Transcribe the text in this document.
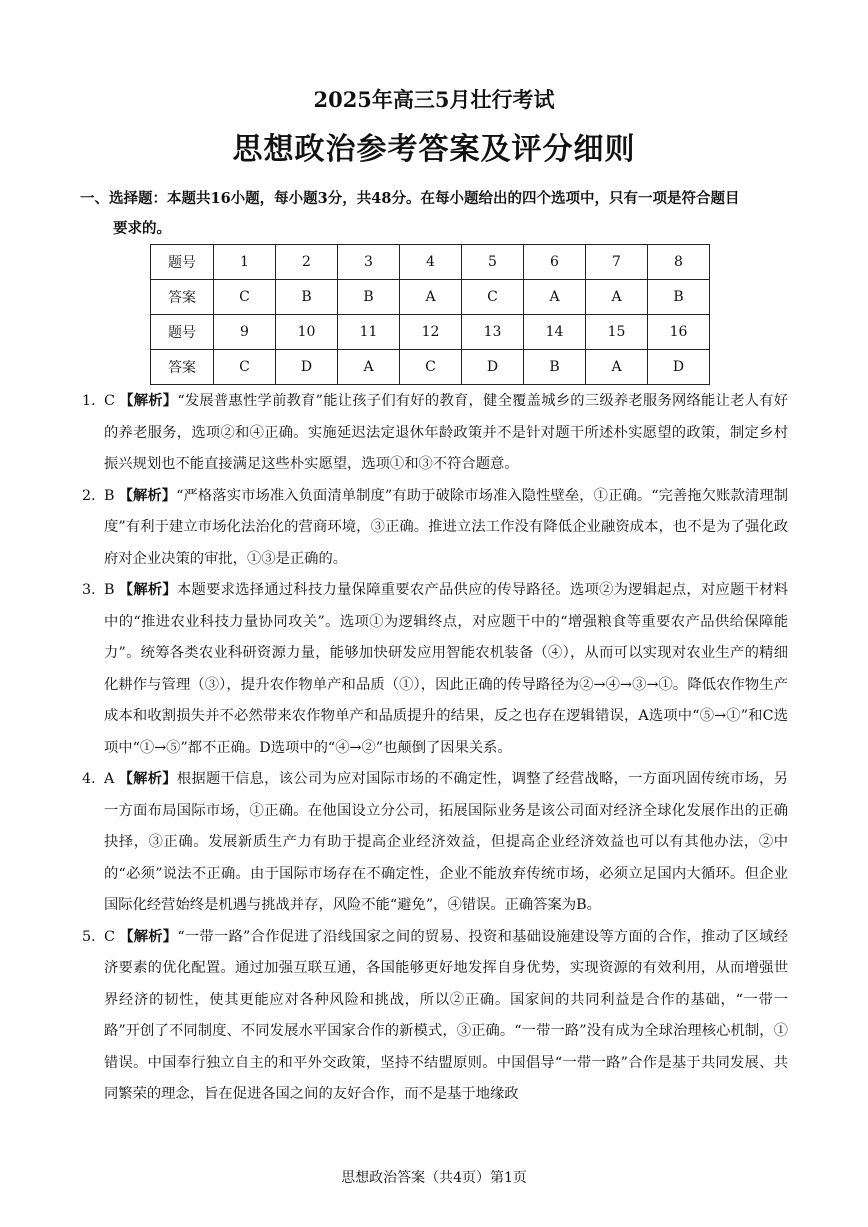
2025年高三5月壮行考试
思想政治参考答案及评分细则
一、选择题：本题共16小题，每小题3分，共48分。在每小题给出的四个选项中，只有一项是符合题目
要求的。
题号	1	2	3	4	5	6	7	8
答案	C	B	B	A	C	A	A	B
题号	9	10	11	12	13	14	15	16
答案	C	D	A	C	D	B	A	D

1．
C 【解析】“发展普惠性学前教育”能让孩子们有好的教育，健全覆盖城乡的三级养老服务网络能让老人有好的养老服务，选项②和④正确。实施延迟法定退休年龄政策并不是针对题干所述朴实愿望的政策，制定乡村振兴规划也不能直接满足这些朴实愿望，选项①和③不符合题意。

2．
B 【解析】“严格落实市场准入负面清单制度”有助于破除市场准入隐性壁垒，①正确。“完善拖欠账款清理制度”有利于建立市场化法治化的营商环境，③正确。推进立法工作没有降低企业融资成本，也不是为了强化政府对企业决策的审批，①③是正确的。

3．
B 【解析】本题要求选择通过科技力量保障重要农产品供应的传导路径。选项②为逻辑起点，对应题干材料中的“推进农业科技力量协同攻关”。选项①为逻辑终点，对应题干中的“增强粮食等重要农产品供给保障能力”。统筹各类农业科研资源力量，能够加快研发应用智能农机装备（④），从而可以实现对农业生产的精细化耕作与管理（③），提升农作物单产和品质（①），因此正确的传导路径为②→④→③→①。降低农作物生产成本和收割损失并不必然带来农作物单产和品质提升的结果，反之也存在逻辑错误，A选项中“⑤→①”和C选项中“①→⑤”都不正确。D选项中的“④→②”也颠倒了因果关系。

4．
A 【解析】根据题干信息，该公司为应对国际市场的不确定性，调整了经营战略，一方面巩固传统市场，另一方面布局国际市场，①正确。在他国设立分公司，拓展国际业务是该公司面对经济全球化发展作出的正确抉择，③正确。发展新质生产力有助于提高企业经济效益，但提高企业经济效益也可以有其他办法，②中的“必须”说法不正确。由于国际市场存在不确定性，企业不能放弃传统市场，必须立足国内大循环。但企业国际化经营始终是机遇与挑战并存，风险不能“避免”，④错误。正确答案为B。

5．
C 【解析】“一带一路”合作促进了沿线国家之间的贸易、投资和基础设施建设等方面的合作，推动了区域经济要素的优化配置。通过加强互联互通，各国能够更好地发挥自身优势，实现资源的有效利用，从而增强世界经济的韧性，使其更能应对各种风险和挑战，所以②正确。国家间的共同利益是合作的基础，“一带一路”开创了不同制度、不同发展水平国家合作的新模式，③正确。“一带一路”没有成为全球治理核心机制，①错误。中国奉行独立自主的和平外交政策，坚持不结盟原则。中国倡导“一带一路”合作是基于共同发展、共同繁荣的理念，旨在促进各国之间的友好合作，而不是基于地缘政

思想政治答案（共4页）第1页
